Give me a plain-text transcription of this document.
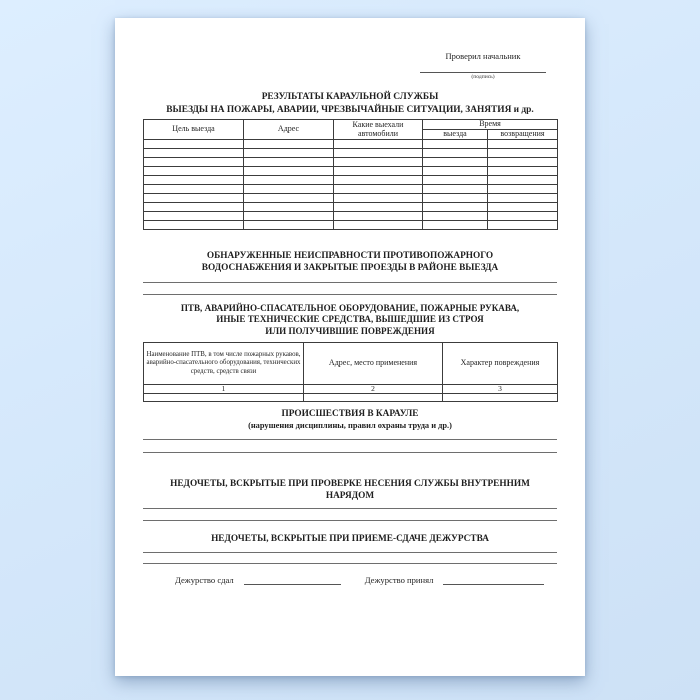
Проверил начальник
(подпись)
РЕЗУЛЬТАТЫ КАРАУЛЬНОЙ СЛУЖБЫ
ВЫЕЗДЫ НА ПОЖАРЫ, АВАРИИ, ЧРЕЗВЫЧАЙНЫЕ СИТУАЦИИ, ЗАНЯТИЯ и др.
Цель выезда	Адрес	Какие выехали автомобили	Время	
			выезда	возвращения

ОБНАРУЖЕННЫЕ НЕИСПРАВНОСТИ ПРОТИВОПОЖАРНОГО
ВОДОСНАБЖЕНИЯ И ЗАКРЫТЫЕ ПРОЕЗДЫ В РАЙОНЕ ВЫЕЗДА
ПТВ, АВАРИЙНО-СПАСАТЕЛЬНОЕ ОБОРУДОВАНИЕ, ПОЖАРНЫЕ РУКАВА,
ИНЫЕ ТЕХНИЧЕСКИЕ СРЕДСТВА, ВЫШЕДШИЕ ИЗ СТРОЯ
ИЛИ ПОЛУЧИВШИЕ ПОВРЕЖДЕНИЯ
Наименование ПТВ, в том числе пожарных рукавов, аварийно-спасательного оборудования, технических средств, средств связи	Адрес, место применения	Характер повреждения
1	2	3

ПРОИСШЕСТВИЯ В КАРАУЛЕ
(нарушения дисциплины, правил охраны труда и др.)
НЕДОЧЕТЫ, ВСКРЫТЫЕ ПРИ ПРОВЕРКЕ НЕСЕНИЯ СЛУЖБЫ ВНУТРЕННИМ НАРЯДОМ
НЕДОЧЕТЫ, ВСКРЫТЫЕ ПРИ ПРИЕМЕ-СДАЧЕ ДЕЖУРСТВА
Дежурство сдал	Дежурство принял
